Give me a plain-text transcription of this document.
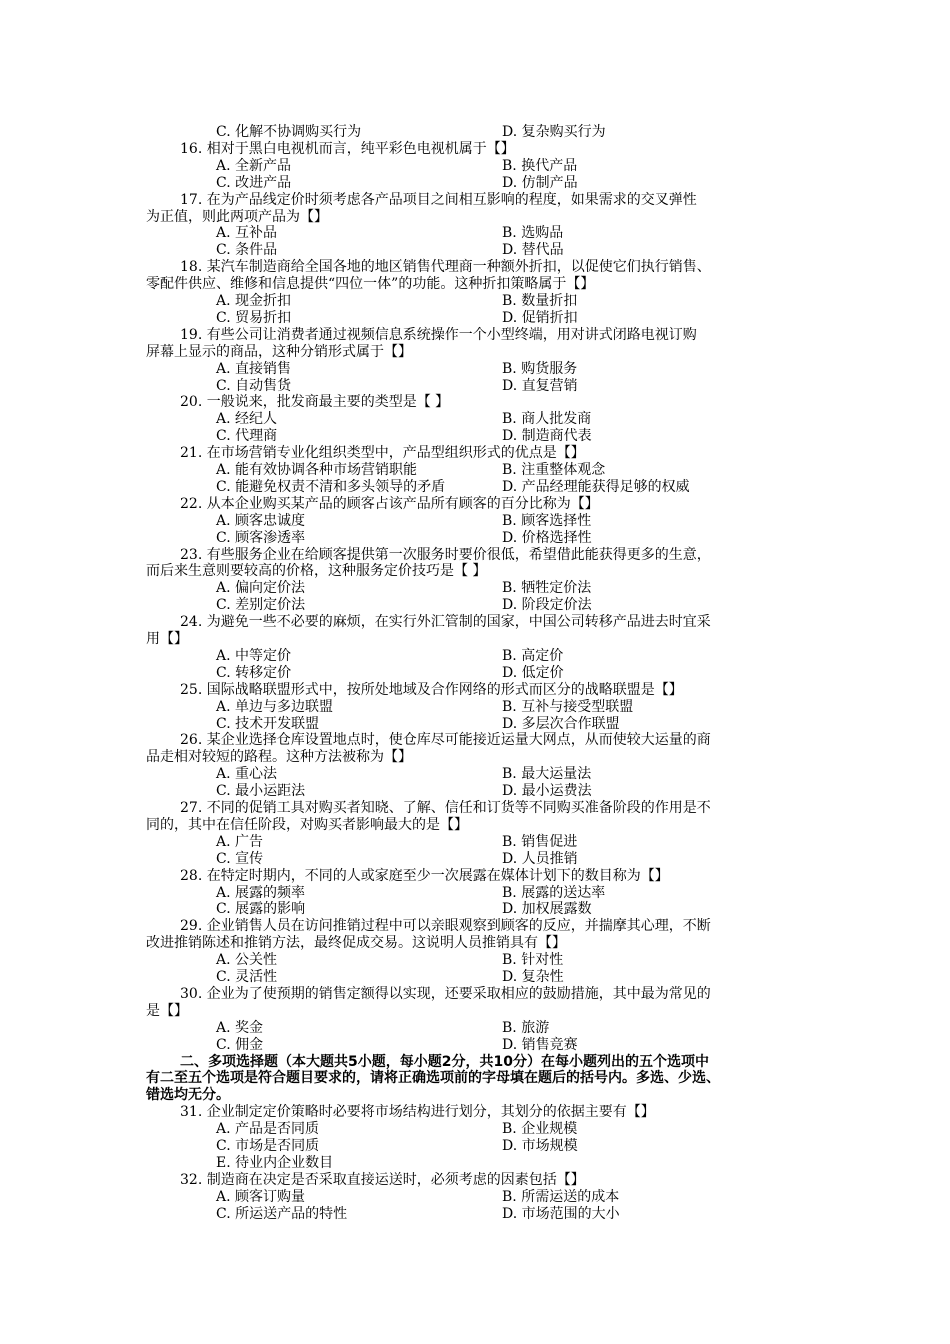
C. 化解不协调购买行为	D. 复杂购买行为
16. 相对于黑白电视机而言，纯平彩色电视机属于【】
A. 全新产品	B. 换代产品
C. 改进产品	D. 仿制产品
17. 在为产品线定价时须考虑各产品项目之间相互影响的程度，如果需求的交叉弹性
为正值，则此两项产品为【】
A. 互补品	B. 选购品
C. 条件品	D. 替代品
18. 某汽车制造商给全国各地的地区销售代理商一种额外折扣，以促使它们执行销售、
零配件供应、维修和信息提供“四位一体”的功能。这种折扣策略属于【】
A. 现金折扣	B. 数量折扣
C. 贸易折扣	D. 促销折扣
19. 有些公司让消费者通过视频信息系统操作一个小型终端，用对讲式闭路电视订购
屏幕上显示的商品，这种分销形式属于【】
A. 直接销售	B. 购货服务
C. 自动售货	D. 直复营销
20. 一般说来，批发商最主要的类型是【 】
A. 经纪人	B. 商人批发商
C. 代理商	D. 制造商代表
21. 在市场营销专业化组织类型中，产品型组织形式的优点是【】
A. 能有效协调各种市场营销职能	B. 注重整体观念
C. 能避免权责不清和多头领导的矛盾	D. 产品经理能获得足够的权威
22. 从本企业购买某产品的顾客占该产品所有顾客的百分比称为【】
A. 顾客忠诚度	B. 顾客选择性
C. 顾客渗透率	D. 价格选择性
23. 有些服务企业在给顾客提供第一次服务时要价很低，希望借此能获得更多的生意，
而后来生意则要较高的价格，这种服务定价技巧是【 】
A. 偏向定价法	B. 牺牲定价法
C. 差别定价法	D. 阶段定价法
24. 为避免一些不必要的麻烦，在实行外汇管制的国家，中国公司转移产品进去时宜采
用【】
A. 中等定价	B. 高定价
C. 转移定价	D. 低定价
25. 国际战略联盟形式中，按所处地域及合作网络的形式而区分的战略联盟是【】
A. 单边与多边联盟	B. 互补与接受型联盟
C. 技术开发联盟	D. 多层次合作联盟
26. 某企业选择仓库设置地点时，使仓库尽可能接近运量大网点，从而使较大运量的商
品走相对较短的路程。这种方法被称为【】
A. 重心法	B. 最大运量法
C. 最小运距法	D. 最小运费法
27. 不同的促销工具对购买者知晓、了解、信任和订货等不同购买准备阶段的作用是不
同的，其中在信任阶段，对购买者影响最大的是【】
A. 广告	B. 销售促进
C. 宣传	D. 人员推销
28. 在特定时期内，不同的人或家庭至少一次展露在媒体计划下的数目称为【】
A. 展露的频率	B. 展露的送达率
C. 展露的影响	D. 加权展露数
29. 企业销售人员在访问推销过程中可以亲眼观察到顾客的反应，并揣摩其心理，不断
改进推销陈述和推销方法，最终促成交易。这说明人员推销具有【】
A. 公关性	B. 针对性
C. 灵活性	D. 复杂性
30. 企业为了使预期的销售定额得以实现，还要采取相应的鼓励措施，其中最为常见的
是【】
A. 奖金	B. 旅游
C. 佣金	D. 销售竞赛
二、多项选择题（本大题共5小题，每小题2分，共10分）在每小题列出的五个选项中
有二至五个选项是符合题目要求的，请将正确选项前的字母填在题后的括号内。多选、少选、
错选均无分。
31. 企业制定定价策略时必要将市场结构进行划分，其划分的依据主要有【】
A. 产品是否同质	B. 企业规模
C. 市场是否同质	D. 市场规模
E. 待业内企业数目
32. 制造商在决定是否采取直接运送时，必须考虑的因素包括【】
A. 顾客订购量	B. 所需运送的成本
C. 所运送产品的特性	D. 市场范围的大小
